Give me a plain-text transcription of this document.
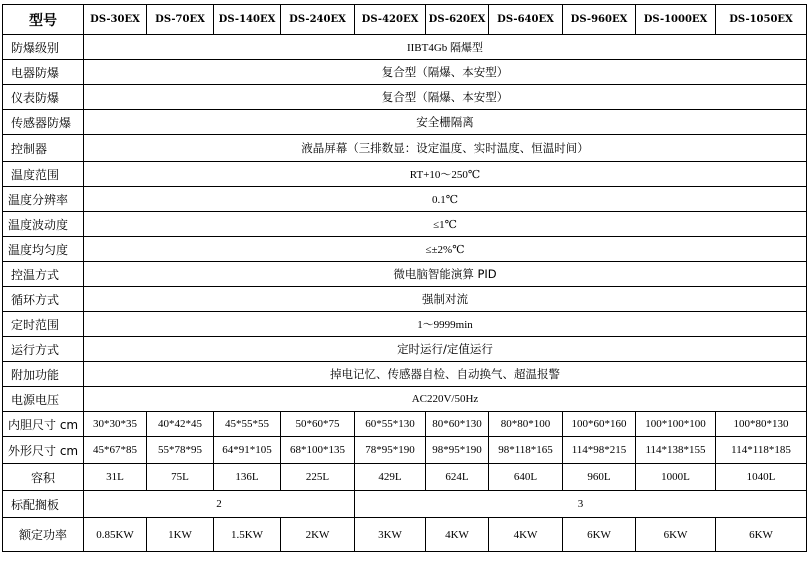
型号	DS-30EX	DS-70EX	DS-140EX	DS-240EX	DS-420EX	DS-620EX	DS-640EX	DS-960EX	DS-1000EX	DS-1050EX
防爆级别	IIBT4Gb 隔爆型									
电器防爆	复合型（隔爆、本安型）									
仪表防爆	复合型（隔爆、本安型）									
传感器防爆	安全栅隔离									
控制器	液晶屏幕（三排数显：设定温度、实时温度、恒温时间）									
温度范围	RT+10～250℃									
温度分辨率	0.1℃									
温度波动度	≤1℃									
温度均匀度	≤±2%℃									
控温方式	微电脑智能演算 PID									
循环方式	强制对流									
定时范围	1～9999min									
运行方式	定时运行/定值运行									
附加功能	掉电记忆、传感器自检、自动换气、超温报警									
电源电压	AC220V/50Hz									
内胆尺寸 cm	30*30*35	40*42*45	45*55*55	50*60*75	60*55*130	80*60*130	80*80*100	100*60*160	100*100*100	100*80*130
外形尺寸 cm	45*67*85	55*78*95	64*91*105	68*100*135	78*95*190	98*95*190	98*118*165	114*98*215	114*138*155	114*118*185
容积	31L	75L	136L	225L	429L	624L	640L	960L	1000L	1040L
标配搁板	2				3					
额定功率	0.85KW	1KW	1.5KW	2KW	3KW	4KW	4KW	6KW	6KW	6KW
